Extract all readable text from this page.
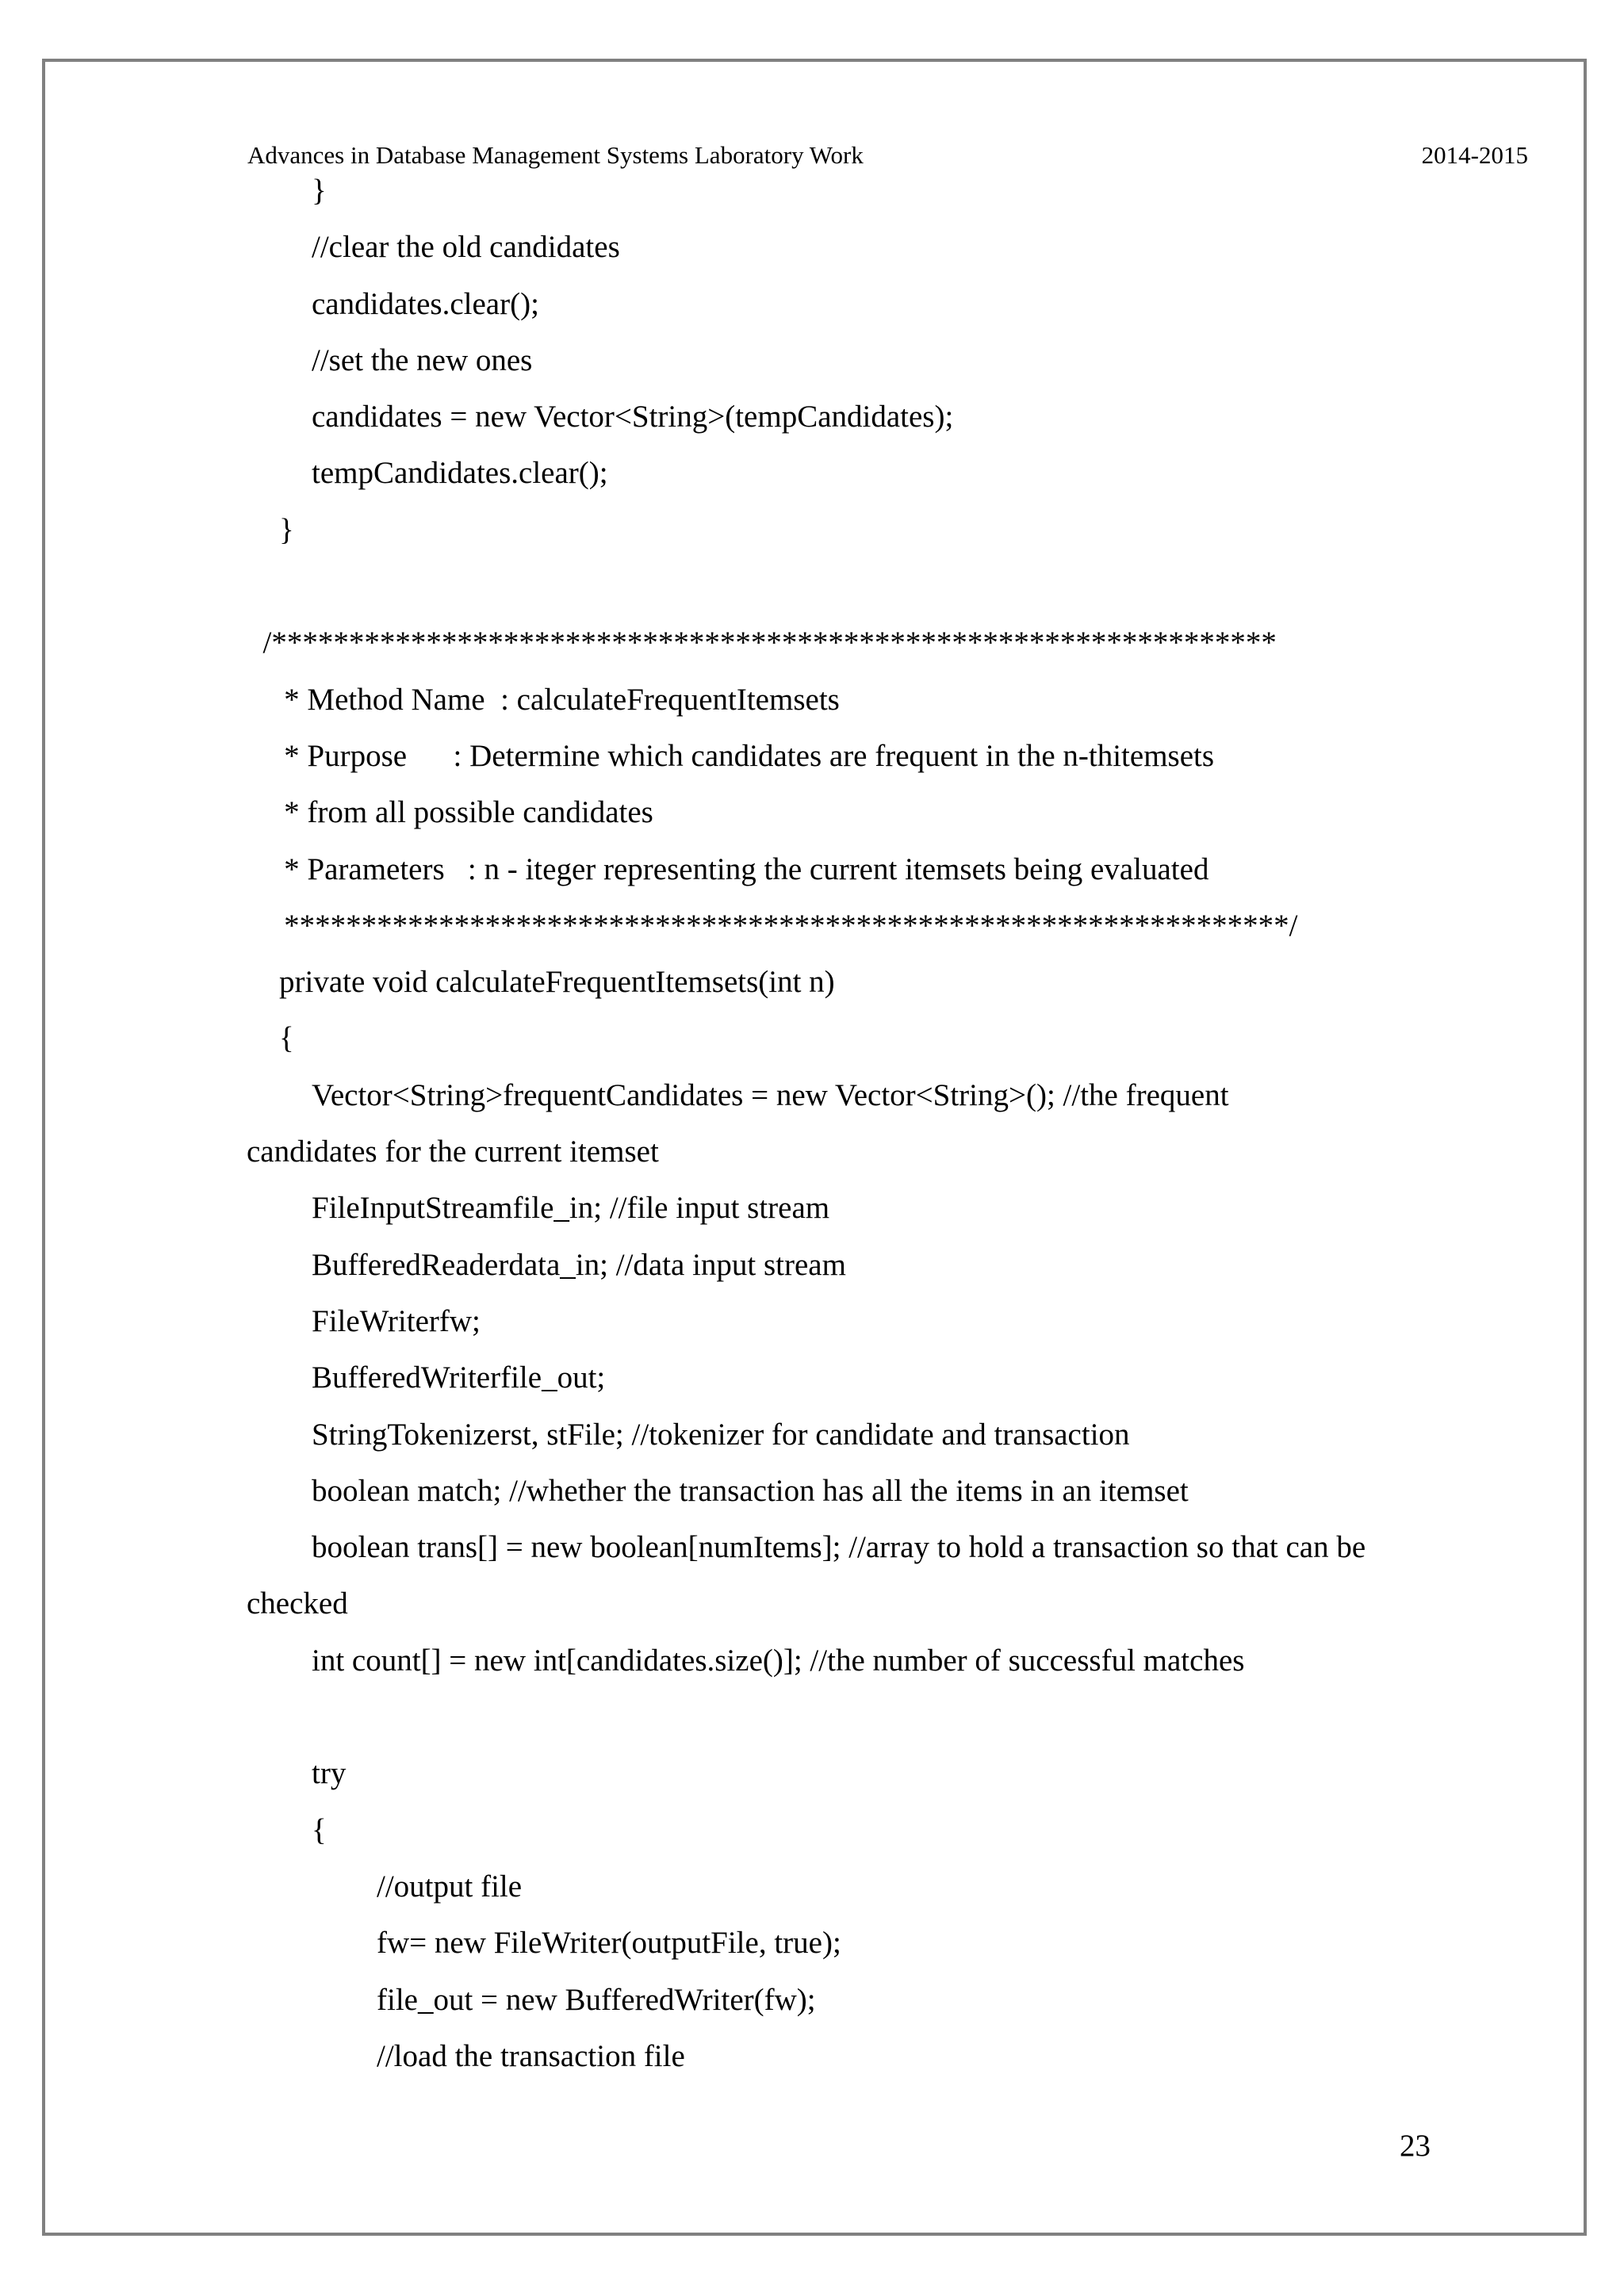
Advances in Database Management Systems Laboratory Work	2014-2015
}
//clear the old candidates
candidates.clear();
//set the new ones
candidates = new Vector<String>(tempCandidates);
tempCandidates.clear();
}
/*****************************************************************
* Method Name  : calculateFrequentItemsets
* Purpose      : Determine which candidates are frequent in the n-thitemsets
* from all possible candidates
* Parameters   : n - iteger representing the current itemsets being evaluated
*****************************************************************/
private void calculateFrequentItemsets(int n)
{
Vector<String>frequentCandidates = new Vector<String>(); //the frequent
candidates for the current itemset
FileInputStreamfile_in; //file input stream
BufferedReaderdata_in; //data input stream
FileWriterfw;
BufferedWriterfile_out;
StringTokenizerst, stFile; //tokenizer for candidate and transaction
boolean match; //whether the transaction has all the items in an itemset
boolean trans[] = new boolean[numItems]; //array to hold a transaction so that can be
checked
int count[] = new int[candidates.size()]; //the number of successful matches
try
{
//output file
fw= new FileWriter(outputFile, true);
file_out = new BufferedWriter(fw);
//load the transaction file
23
